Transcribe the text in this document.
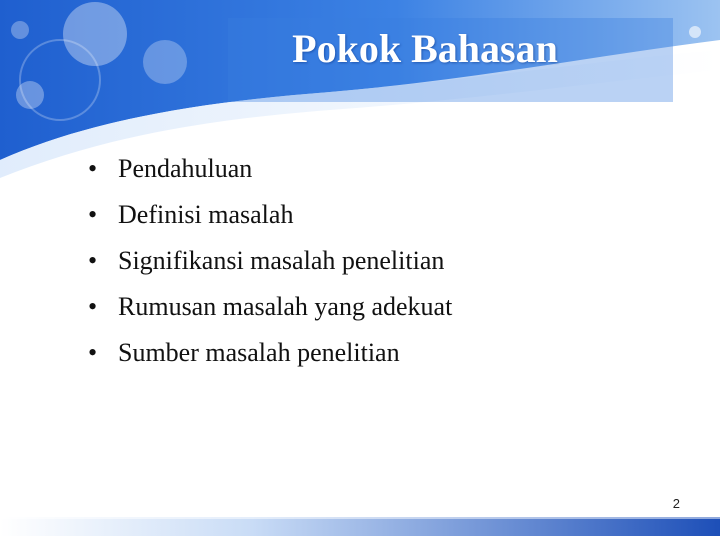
Pokok Bahasan
• Pendahuluan
• Definisi masalah
• Signifikansi masalah penelitian
• Rumusan masalah yang adekuat
• Sumber masalah penelitian
2
